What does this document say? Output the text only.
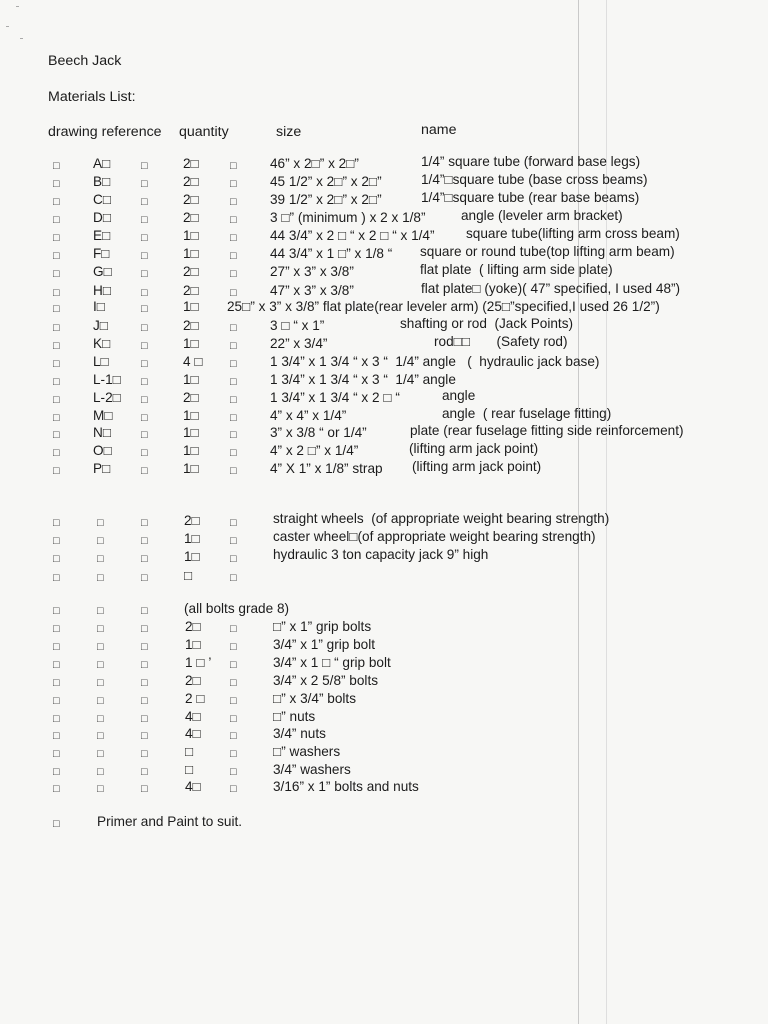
Beech Jack
Materials List:
drawing reference quantity	size	name
□ A□	□	2□	□ 46” x 2□” x 2□”	1/4” square tube (forward base legs)
□ B□	□	2□	□ 45 1/2” x 2□” x 2□”	1/4”□square tube (base cross beams)
□ C□	□	2□	□ 39 1/2” x 2□” x 2□”	1/4”□square tube (rear base beams)
□ D□	□	2□	□ 3 □” (minimum ) x 2 x 1/8”	angle (leveler arm bracket)
□ E□	□	1□	□ 44 3/4” x 2 □ “ x 2 □ “ x 1/4” square tube(lifting arm cross beam)
□ F□	□	1□	□ 44 3/4” x 1 □” x 1/8 “ square or round tube(top lifting arm beam)
□ G□	□	2□	□ 27” x 3” x 3/8”	flat plate  ( lifting arm side plate)
□ H□	□	2□	□ 47” x 3” x 3/8”	flat plate□ (yoke)( 47” specified, I used 48”)
□ I□	□	1□ 25□” x 3” x 3/8” flat plate(rear leveler arm) (25□”specified,I used 26 1/2”)
□ J□	□	2□	□ 3 □ “ x 1”	shafting or rod  (Jack Points)
□ K□	□	1□	□ 22” x 3/4”	rod□□       (Safety rod)
□ L□	□	4 □ □ 1 3/4” x 1 3/4 “ x 3 “  1/4” angle   (  hydraulic jack base)
□ L-1□ □	1□	□ 1 3/4” x 1 3/4 “ x 3 “  1/4” angle
□ L-2□ □	2□	□ 1 3/4” x 1 3/4 “ x 2 □ “	angle
□ M□	□	1□	□ 4” x 4” x 1/4”	angle  ( rear fuselage fitting)
□ N□	□	1□	□ 3” x 3/8 “ or 1/4”	plate (rear fuselage fitting side reinforcement)
□ O□	□	1□	□ 4” x 2 □” x 1/4”	(lifting arm jack point)
□ P□	□	1□	□ 4” X 1” x 1/8” strap (lifting arm jack point)
□	□	□	2□	□	straight wheels  (of appropriate weight bearing strength)
□	□	□	1□	□	caster wheel□(of appropriate weight bearing strength)
□	□	□	1□	□	hydraulic 3 ton capacity jack 9” high
□	□	□	□	□
(all bolts grade 8)
□	□	□	2□	□	□” x 1” grip bolts
□	□	□	1□	□	3/4” x 1” grip bolt
□	□	□	1 □ ’ □	3/4” x 1 □ “ grip bolt
□	□	□	2□	□	3/4” x 2 5/8” bolts
□	□	□	2 □ □	□” x 3/4” bolts
□	□	□	4□	□	□” nuts
□	□	□	4□	□	3/4” nuts
□	□	□	□	□	□” washers
□	□	□	□	□	3/4” washers
□	□	□	4□	□	3/16” x 1” bolts and nuts
□	□	□
□	Primer and Paint to suit.
